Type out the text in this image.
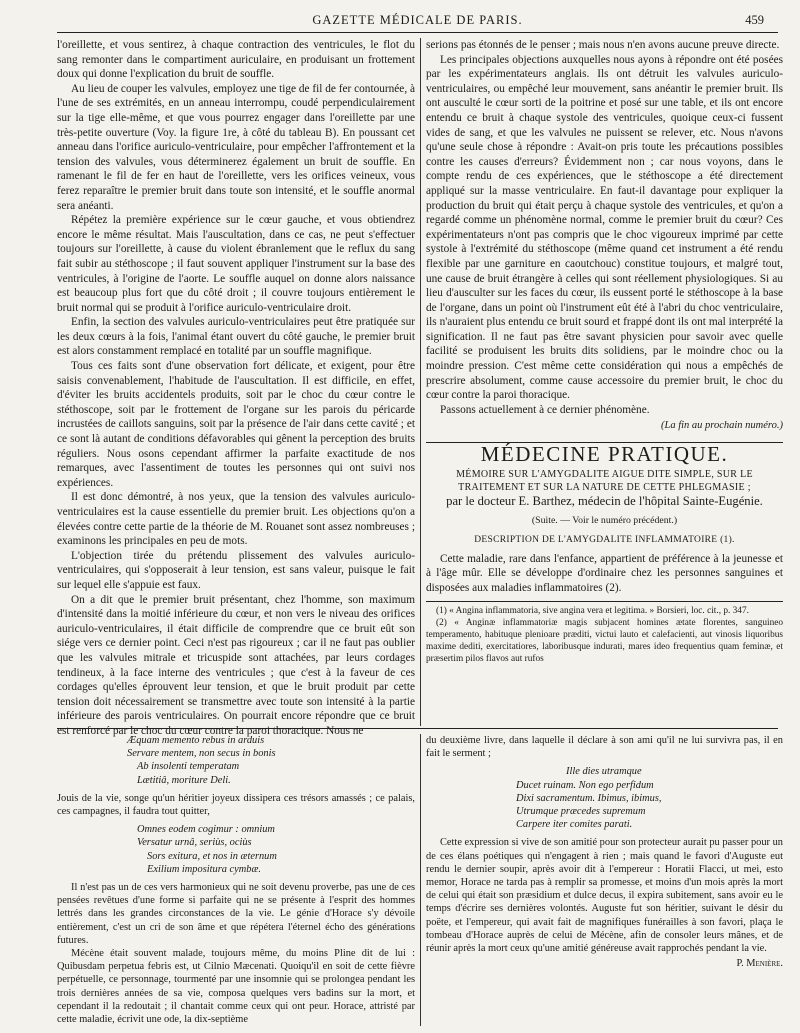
GAZETTE MÉDICALE DE PARIS.	459

l'oreillette, et vous sentirez, à chaque contraction des ventricules, le flot du sang remonter dans le compartiment auriculaire, en produisant un frottement doux qui donne l'explication du bruit de souffle.

Au lieu de couper les valvules, employez une tige de fil de fer contournée, à l'une de ses extrémités, en un anneau interrompu, coudé perpendiculairement sur la tige elle-même, et que vous pourrez engager dans l'oreillette par une très-petite ouverture (Voy. la figure 1re, à côté du tableau B). En poussant cet anneau dans l'orifice auriculo-ventriculaire, pour empêcher l'affrontement et la tension des valvules, vous déterminerez également un bruit de souffle. En ramenant le fil de fer en haut de l'oreillette, vers les orifices veineux, vous ferez reparaître le premier bruit dans toute son intensité, et le souffle anormal sera anéanti.

Répétez la première expérience sur le cœur gauche, et vous obtiendrez encore le même résultat. Mais l'auscultation, dans ce cas, ne peut s'effectuer toujours sur l'oreillette, à cause du violent ébranlement que le reflux du sang fait subir au stéthoscope ; il faut souvent appliquer l'instrument sur la base des ventricules, à l'origine de l'aorte. Le souffle auquel on donne alors naissance est beaucoup plus fort que du côté droit ; il couvre toujours entièrement le bruit normal qui se produit à l'orifice auriculo-ventriculaire droit.

Enfin, la section des valvules auriculo-ventriculaires peut être pratiquée sur les deux cœurs à la fois, l'animal étant ouvert du côté gauche, le premier bruit est alors constamment remplacé en totalité par un souffle magnifique.

Tous ces faits sont d'une observation fort délicate, et exigent, pour être saisis convenablement, l'habitude de l'auscultation. Il est difficile, en effet, d'éviter les bruits accidentels produits, soit par le choc du cœur contre le stéthoscope, soit par le frottement de l'organe sur les parois du péricarde incrustées de caillots sanguins, soit par la présence de l'air dans cette cavité ; et ce sont là autant de conditions défavorables qui gênent la perception des bruits réguliers. Nous osons cependant affirmer la parfaite exactitude de nos remarques, avec l'assentiment de toutes les personnes qui ont suivi nos expériences.

Il est donc démontré, à nos yeux, que la tension des valvules auriculo-ventriculaires est la cause essentielle du premier bruit. Les objections qu'on a élevées contre cette partie de la théorie de M. Rouanet sont assez nombreuses ; examinons les principales en peu de mots.

L'objection tirée du prétendu plissement des valvules auriculo-ventriculaires, qui s'opposerait à leur tension, est sans valeur, puisque le fait sur lequel elle s'appuie est faux.

On a dit que le premier bruit présentant, chez l'homme, son maximum d'intensité dans la moitié inférieure du cœur, et non vers le niveau des orifices auriculo-ventriculaires, il était difficile de comprendre que ce bruit eût son siége vers ce dernier point. Ceci n'est pas rigoureux ; car il ne faut pas oublier que les valvules mitrale et tricuspide sont attachées, par leurs cordages tendineux, à la face interne des ventricules ; que c'est à la faveur de ces cordages qu'elles éprouvent leur tension, et que le bruit produit par cette tension doit nécessairement se transmettre avec toute son intensité à la partie inférieure des parois ventriculaires. On pourrait encore répondre que ce bruit est renforcé par le choc du cœur contre la paroi thoracique. Nous ne

serions pas étonnés de le penser ; mais nous n'en avons aucune preuve directe.

Les principales objections auxquelles nous ayons à répondre ont été posées par les expérimentateurs anglais. Ils ont détruit les valvules auriculo-ventriculaires, ou empêché leur mouvement, sans anéantir le premier bruit. Ils ont ausculté le cœur sorti de la poitrine et posé sur une table, et ils ont encore entendu ce bruit à chaque systole des ventricules, quoique ceux-ci fussent vides de sang, et que les valvules ne puissent se relever, etc. Nous n'avons qu'une seule chose à répondre : Avait-on pris toute les précautions possibles contre les causes d'erreurs? Évidemment non ; car nous voyons, dans le compte rendu de ces expériences, que le stéthoscope a été directement appliqué sur la masse ventriculaire. En faut-il davantage pour expliquer la production du bruit qui était perçu à chaque systole des ventricules, et qu'on a regardé comme un phénomène normal, comme le premier bruit du cœur? Ces expérimentateurs n'ont pas compris que le choc vigoureux imprimé par cette systole à l'extrémité du stéthoscope (même quand cet instrument a été rendu flexible par une garniture en caoutchouc) constitue toujours, et malgré tout, une cause de bruit étrangère à celles qui sont réellement physiologiques. Si au lieu d'ausculter sur les faces du cœur, ils eussent porté le stéthoscope à la base de l'organe, dans un point où l'instrument eût été à l'abri du choc ventriculaire, ils n'auraient plus entendu ce bruit sourd et frappé dont ils ont mal interprété la signification. Il ne faut pas être savant physicien pour savoir avec quelle facilité se produisent les bruits dits solidiens, par le moindre choc ou la moindre pression. C'est même cette considération qui nous a empêchés de prescrire absolument, comme cause accessoire du premier bruit, le choc du cœur contre la paroi thoracique.

Passons actuellement à ce dernier phénomène.

(La fin au prochain numéro.)
MÉDECINE PRATIQUE.
MÉMOIRE SUR L'AMYGDALITE AIGUE DITE SIMPLE, SUR LE TRAITEMENT ET SUR LA NATURE DE CETTE PHLEGMASIE ;
par le docteur E. Barthez, médecin de l'hôpital Sainte-Eugénie.
(Suite. — Voir le numéro précédent.)
DESCRIPTION DE L'AMYGDALITE INFLAMMATOIRE (1).

Cette maladie, rare dans l'enfance, appartient de préférence à la jeunesse et à l'âge mûr. Elle se développe d'ordinaire chez les personnes sanguines et disposées aux maladies inflammatoires (2).

(1) « Angina inflammatoria, sive angina vera et legitima. » Borsieri, loc. cit., p. 347.

(2) « Anginæ inflammatoriæ magis subjacent homines ætate florentes, sanguineo temperamento, habituque plenioare præditi, victui lauto et calefacienti, aut vinosis liquoribus maxime dediti, exercitatiores, laboribusque indurati, mares ideo frequentius quam feminæ, et præsertim pilos flavos aut rufos

Æquam memento rebus in arduis
Servare mentem, non secus in bonis
Ab insolenti temperatam
Lætitiâ, moriture Deli.

Jouis de la vie, songe qu'un héritier joyeux dissipera ces trésors amassés ; ce palais, ces campagnes, il faudra tout quitter,

Omnes eodem cogimur : omnium
Versatur urnâ, seriùs, ociùs
Sors exitura, et nos in æternum
Exilium impositura cymbæ.

Il n'est pas un de ces vers harmonieux qui ne soit devenu proverbe, pas une de ces pensées revêtues d'une forme si parfaite qui ne se présente à l'esprit des hommes lettrés dans les grandes circonstances de la vie. Le génie d'Horace s'y dévoile entièrement, c'est un cri de son âme et que répétera l'éternel écho des générations futures.

Mécène était souvent malade, toujours même, du moins Pline dit de lui : Quibusdam perpetua febris est, ut Cilnio Mæcenati. Quoiqu'il en soit de cette fièvre perpétuelle, ce personnage, tourmenté par une insomnie qui se prolongea pendant les trois dernières années de sa vie, composa quelques vers badins sur la mort, et cependant il la redoutait ; il chantait comme ceux qui ont peur. Horace, attristé par cette maladie, écrivit une ode, la dix-septième

du deuxième livre, dans laquelle il déclare à son ami qu'il ne lui survivra pas, il en fait le serment ;

Ille dies utramque
Ducet ruinam. Non ego perfidum
Dixi sacramentum. Ibimus, ibimus,
Utrumque præcedes supremum
Carpere iter comites parati.

Cette expression si vive de son amitié pour son protecteur aurait pu passer pour un de ces élans poétiques qui n'engagent à rien ; mais quand le favori d'Auguste eut rendu le dernier soupir, après avoir dit à l'empereur : Horatii Flacci, ut mei, esto memor, Horace ne tarda pas à remplir sa promesse, et moins d'un mois après la mort de celui qui était son præsidium et dulce decus, il expira subitement, sans avoir eu le temps d'écrire ses dernières volontés. Auguste fut son héritier, suivant le désir du poëte, et l'empereur, qui avait fait de magnifiques funérailles à son favori, plaça le tombeau d'Horace auprès de celui de Mécène, afin de consoler leurs mânes, et de réunir après la mort ceux qu'une amitié généreuse avait rapprochés pendant la vie.

P. Menière.
